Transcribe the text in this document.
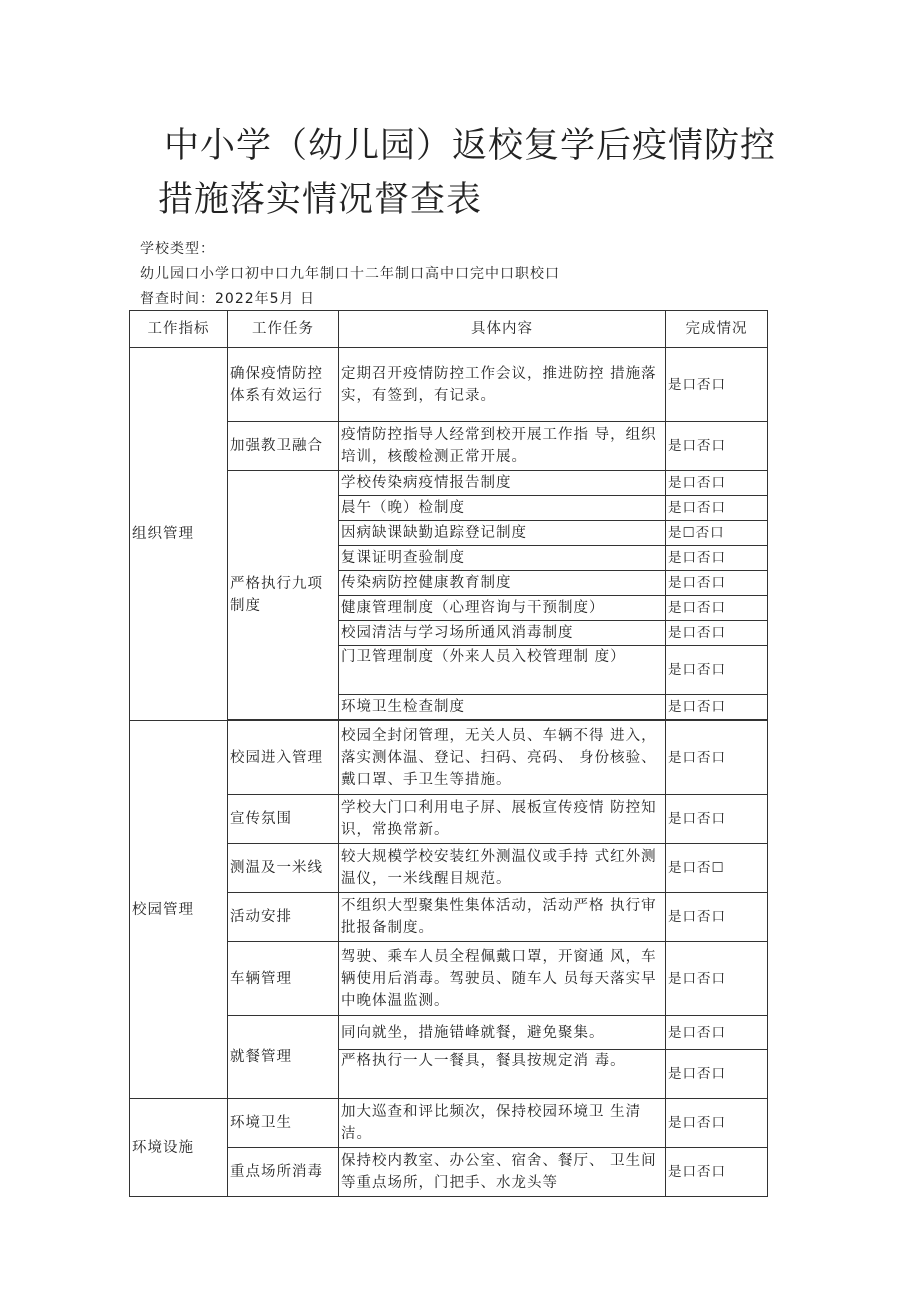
中小学（幼儿园）返校复学后疫情防控
措施落实情况督查表
学校类型：
幼儿园口小学口初中口九年制口十二年制口高中口完中口职校口
督查时间：2022年5月 日
工作指标	工作任务	具体内容	完成情况
组织管理	确保疫情防控体系有效运行	定期召开疫情防控工作会议，推进防控 措施落实，有签到，有记录。	是口否口
	加强教卫融合	疫情防控指导人经常到校开展工作指 导，组织培训，核酸检测正常开展。	是口否口
	严格执行九项制度	学校传染病疫情报告制度	是口否口
		晨午（晚）检制度	是口否口
		因病缺课缺勤追踪登记制度	是☐否口
		复课证明查验制度	是口否口
		传染病防控健康教育制度	是口否口
		健康管理制度（心理咨询与干预制度）	是口否口
		校园清洁与学习场所通风消毒制度	是口否口
		门卫管理制度（外来人员入校管理制 度）	是口否口
		环境卫生检查制度	是口否口

校园管理	校园进入管理	校园全封闭管理，无关人员、车辆不得 进入，落实测体温、登记、扫码、亮码、 身份核验、戴口罩、手卫生等措施。	是口否口
	宣传氛围	学校大门口利用电子屏、展板宣传疫情 防控知识，常换常新。	是口否口
	测温及一米线	较大规模学校安装红外测温仪或手持 式红外测温仪，一米线醒目规范。	是口否☐
	活动安排	不组织大型聚集性集体活动，活动严格 执行审批报备制度。	是口否口
	车辆管理	驾驶、乘车人员全程佩戴口罩，开窗通 风，车辆使用后消毒。驾驶员、随车人 员每天落实早中晚体温监测。	是口否口
	就餐管理	同向就坐，措施错峰就餐，避免聚集。	是口否口
		严格执行一人一餐具，餐具按规定消 毒。	是口否口
环境设施	环境卫生	加大巡查和评比频次，保持校园环境卫 生清洁。	是口否口
	重点场所消毒	保持校内教室、办公室、宿舍、餐厅、 卫生间等重点场所，门把手、水龙头等	是口否口
